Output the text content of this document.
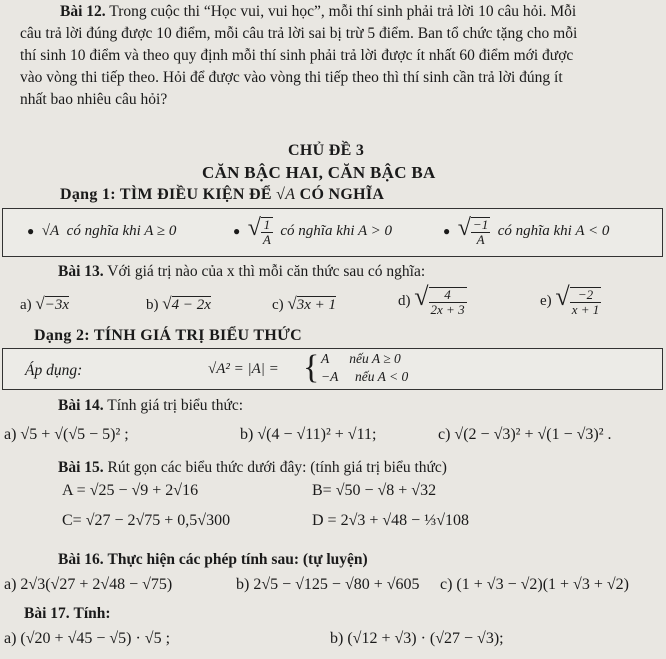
Bài 12. Trong cuộc thi “Học vui, vui học”, mỗi thí sinh phải trả lời 10 câu hỏi. Mỗi
câu trả lời đúng được 10 điểm, mỗi câu trả lời sai bị trừ 5 điểm. Ban tổ chức tặng cho mỗi
thí sinh 10 điểm và theo quy định mỗi thí sinh phải trả lời được ít nhất 60 điểm mới được
vào vòng thi tiếp theo. Hỏi để được vào vòng thi tiếp theo thì thí sinh cần trả lời đúng ít
nhất bao nhiêu câu hỏi?
CHỦ ĐỀ 3
CĂN BẬC HAI, CĂN BẬC BA
Dạng 1: TÌM ĐIỀU KIỆN ĐỂ √A CÓ NGHĨA
● √A có nghĩa khi A ≥ 0	● √ $\frac{1}{A}$ có nghĩa khi A > 0	● √ $\frac{-1}{A}$ có nghĩa khi A < 0
Bài 13. Với giá trị nào của x thì mỗi căn thức sau có nghĩa:
a) √−3x	b) √4 − 2x	c) √3x + 1	d) √ $\frac{4}{2x + 3}$	e) √ $\frac{-2}{x + 1}$
Dạng 2: TÍNH GIÁ TRỊ BIỂU THỨC
Áp dụng:	√A² = |A| = { A      nếu A ≥ 0
−A     nếu A < 0
Bài 14. Tính giá trị biểu thức:
a) √5 + √(√5 − 5)² ;	b) √(4 − √11)² + √11;	c) √(2 − √3)² + √(1 − √3)² .
Bài 15. Rút gọn các biểu thức dưới đây: (tính giá trị biểu thức)
A = √25 − √9 + 2√16	B= √50 − √8 + √32
C= √27 − 2√75 + 0,5√300	D = 2√3 + √48 − ⅓√108
Bài 16. Thực hiện các phép tính sau: (tự luyện)
a) 2√3(√27 + 2√48 − √75)	b) 2√5 − √125 − √80 + √605 c) (1 + √3 − √2)(1 + √3 + √2)
Bài 17. Tính:
a) (√20 + √45 − √5) · √5 ;	b) (√12 + √3) · (√27 − √3);
